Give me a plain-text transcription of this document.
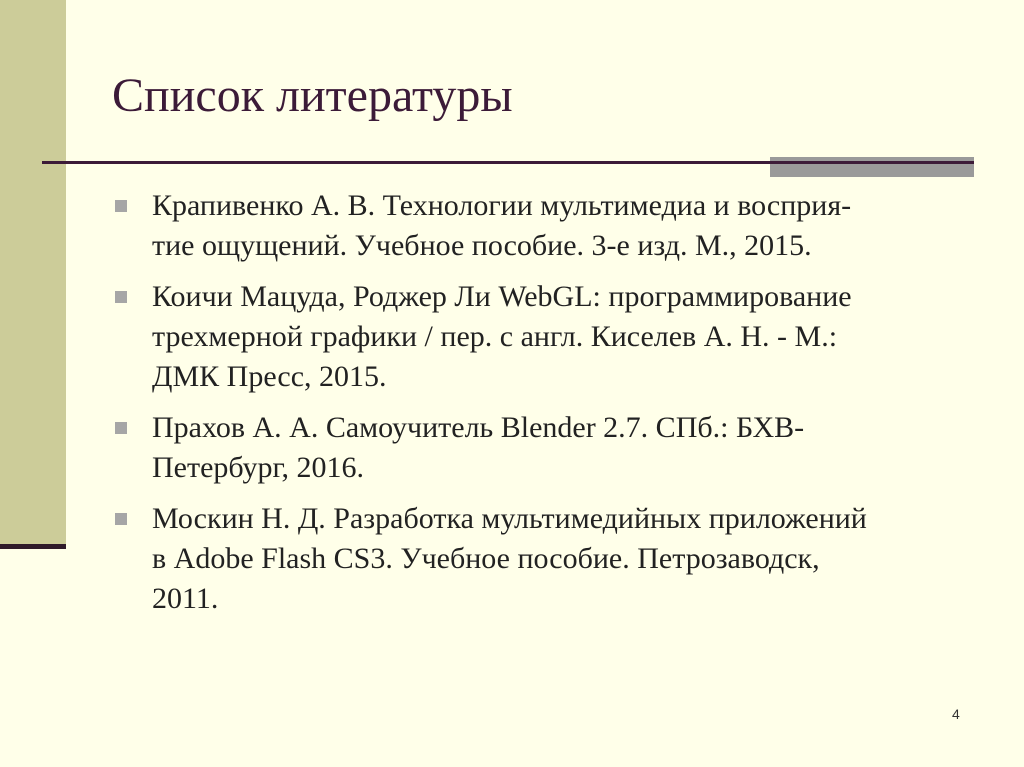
Список литературы
Крапивенко А. В. Технологии мультимедиа и восприя-
тие ощущений. Учебное пособие. 3-е изд. М., 2015.
Коичи Мацуда, Роджер Ли WebGL: программирование
трехмерной графики / пер. с англ. Киселев А. Н. - М.:
ДМК Пресс, 2015.
Прахов А. А. Самоучитель Blender 2.7. СПб.: БХВ-
Петербург, 2016.
Москин Н. Д. Разработка мультимедийных приложений
в Adobe Flash CS3. Учебное пособие. Петрозаводск,
2011.
4
